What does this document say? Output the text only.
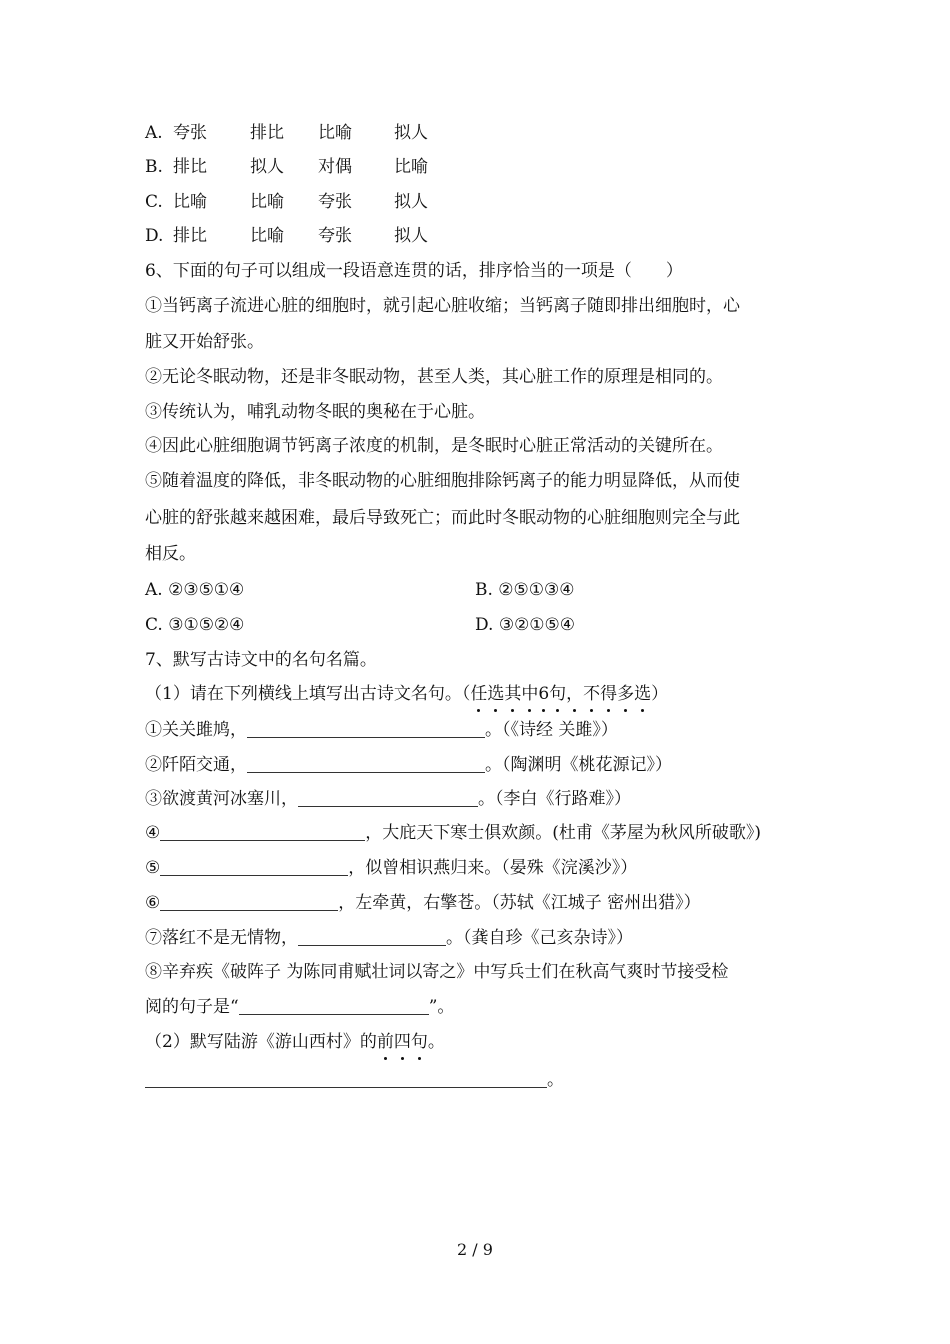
A. 夸张	排比 比喻 拟人
B. 排比	拟人 对偶 比喻
C. 比喻	比喻 夸张 拟人
D. 排比	比喻 夸张 拟人
6、下面的句子可以组成一段语意连贯的话，排序恰当的一项是（　　）
①当钙离子流进心脏的细胞时，就引起心脏收缩；当钙离子随即排出细胞时，心
脏又开始舒张。
②无论冬眠动物，还是非冬眠动物，甚至人类，其心脏工作的原理是相同的。
③传统认为，哺乳动物冬眠的奥秘在于心脏。
④因此心脏细胞调节钙离子浓度的机制，是冬眠时心脏正常活动的关键所在。
⑤随着温度的降低，非冬眠动物的心脏细胞排除钙离子的能力明显降低，从而使
心脏的舒张越来越困难，最后导致死亡；而此时冬眠动物的心脏细胞则完全与此
相反。
A. ②③⑤①④	B. ②⑤①③④
C. ③①⑤②④	D. ③②①⑤④
7、默写古诗文中的名句名篇。
（1）请在下列横线上填写出古诗文名句。（任选其中6句，不得多选）
①关关雎鸠，	。（《诗经 关雎》）
②阡陌交通，	。（陶渊明《桃花源记》）
③欲渡黄河冰塞川，	。（李白《行路难》）
④	，大庇天下寒士俱欢颜。(杜甫《茅屋为秋风所破歌》)
⑤	，似曾相识燕归来。（晏殊《浣溪沙》）
⑥	，左牵黄，右擎苍。（苏轼《江城子 密州出猎》）
⑦落红不是无情物，	。（龚自珍《己亥杂诗》）
⑧辛弃疾《破阵子 为陈同甫赋壮词以寄之》中写兵士们在秋高气爽时节接受检
阅的句子是“	”。
（2）默写陆游《游山西村》的前四句。
。
2 / 9
